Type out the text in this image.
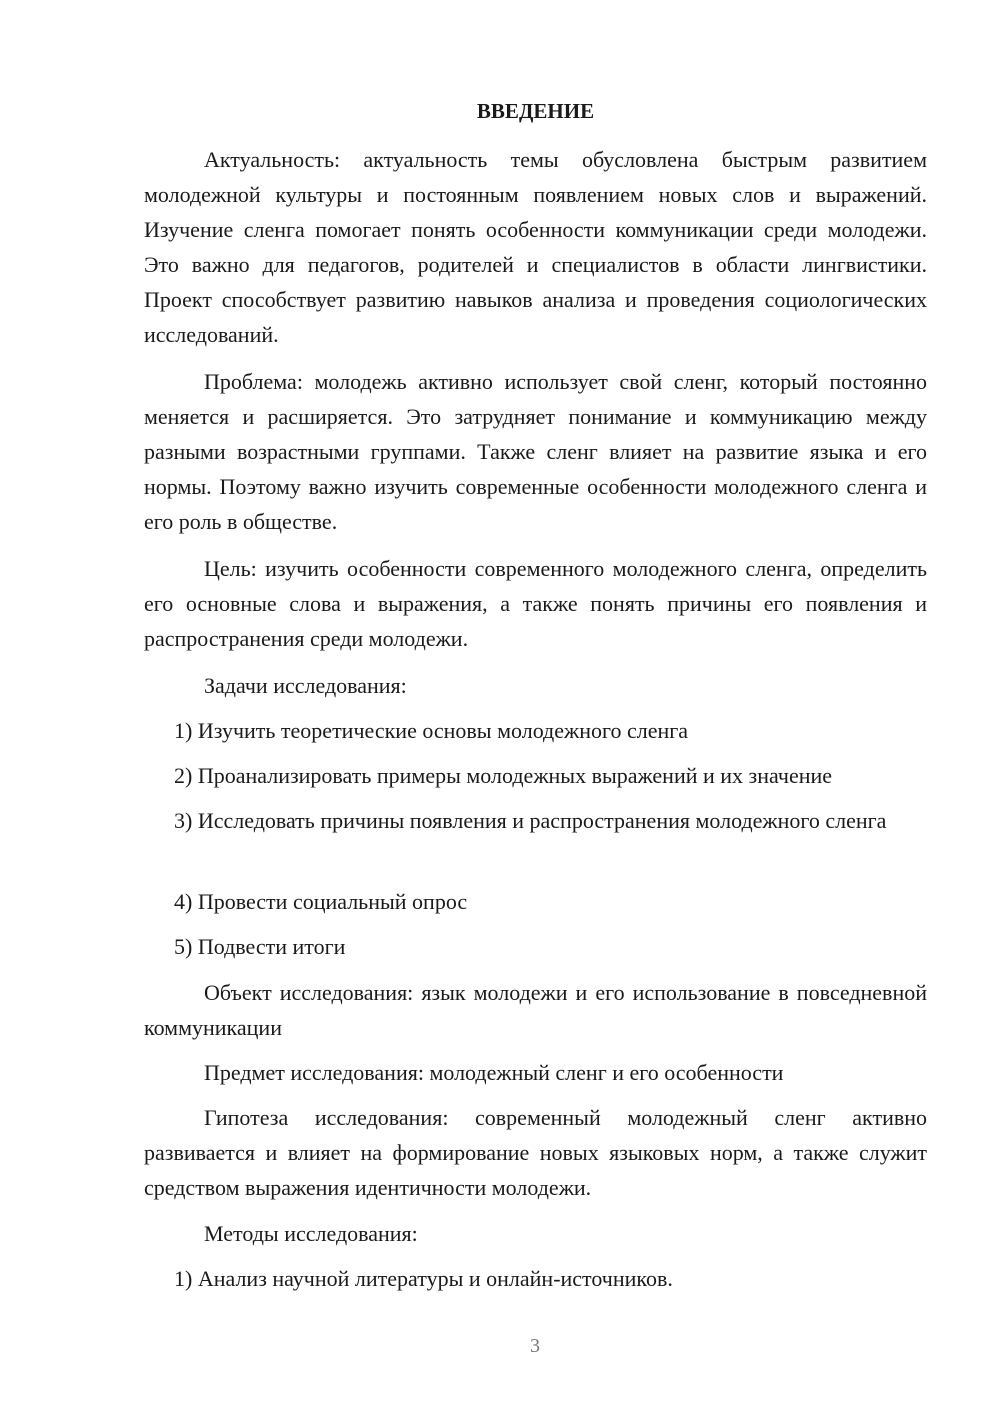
ВВЕДЕНИЕ

Актуальность: актуальность темы обусловлена быстрым развитием молодежной культуры и постоянным появлением новых слов и выражений. Изучение сленга помогает понять особенности коммуникации среди молодежи. Это важно для педагогов, родителей и специалистов в области лингвистики. Проект способствует развитию навыков анализа и проведения социологических исследований.

Проблема: молодежь активно использует свой сленг, который постоянно меняется и расширяется. Это затрудняет понимание и коммуникацию между разными возрастными группами. Также сленг влияет на развитие языка и его нормы. Поэтому важно изучить современные особенности молодежного сленга и его роль в обществе.

Цель: изучить особенности современного молодежного сленга, определить его основные слова и выражения, а также понять причины его появления и распространения среди молодежи.

Задачи исследования:

1) Изучить теоретические основы молодежного сленга

2) Проанализировать примеры молодежных выражений и их значение

3) Исследовать причины появления и распространения молодежного сленга

4) Провести социальный опрос

5) Подвести итоги

Объект исследования: язык молодежи и его использование в повседневной коммуникации

Предмет исследования: молодежный сленг и его особенности

Гипотеза исследования: современный молодежный сленг активно развивается и влияет на формирование новых языковых норм, а также служит средством выражения идентичности молодежи.

Методы исследования:

1) Анализ научной литературы и онлайн-источников.

3
